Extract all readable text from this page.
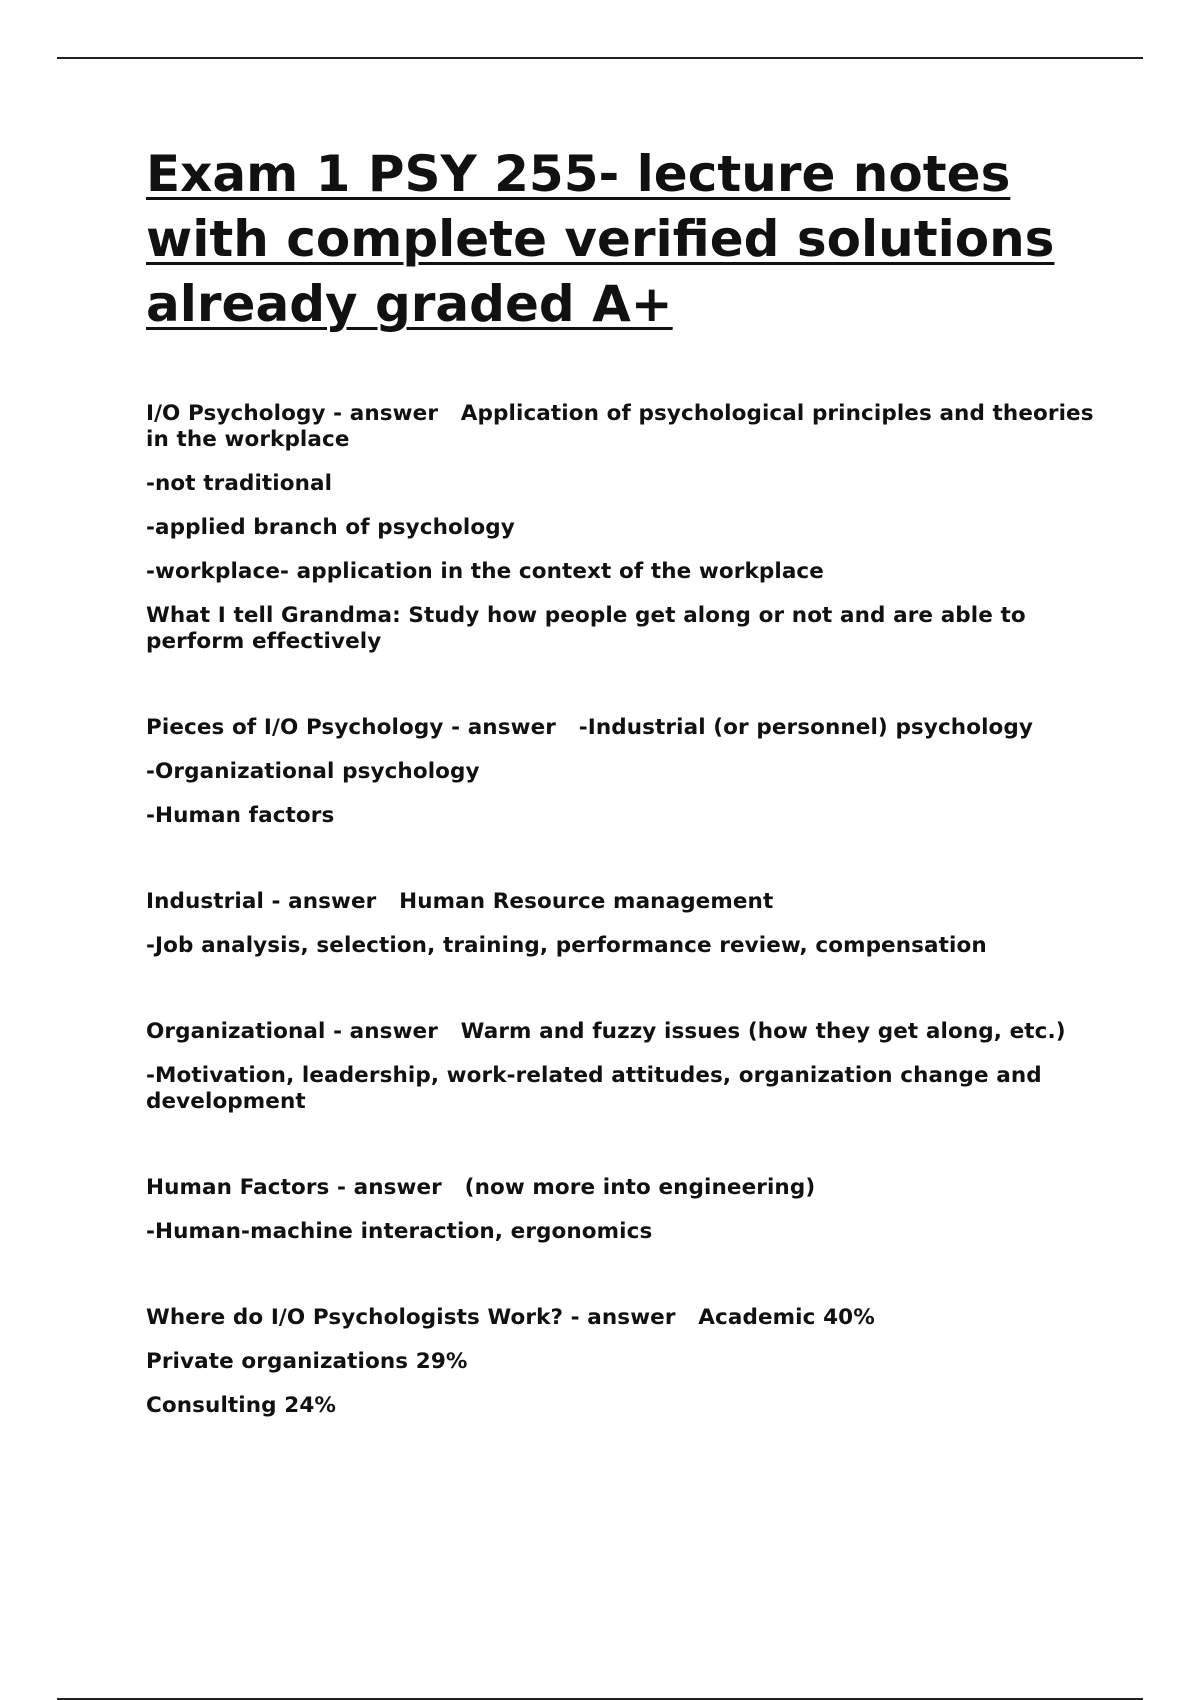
Exam 1 PSY 255- lecture notes with complete verified solutions already graded A+

I/O Psychology - answer   Application of psychological principles and theories in the workplace

-not traditional

-applied branch of psychology

-workplace- application in the context of the workplace

What I tell Grandma: Study how people get along or not and are able to perform effectively

Pieces of I/O Psychology - answer   -Industrial (or personnel) psychology

-Organizational psychology

-Human factors

Industrial - answer   Human Resource management

-Job analysis, selection, training, performance review, compensation

Organizational - answer   Warm and fuzzy issues (how they get along, etc.)

-Motivation, leadership, work-related attitudes, organization change and development

Human Factors - answer   (now more into engineering)

-Human-machine interaction, ergonomics

Where do I/O Psychologists Work? - answer   Academic 40%

Private organizations 29%

Consulting 24%
